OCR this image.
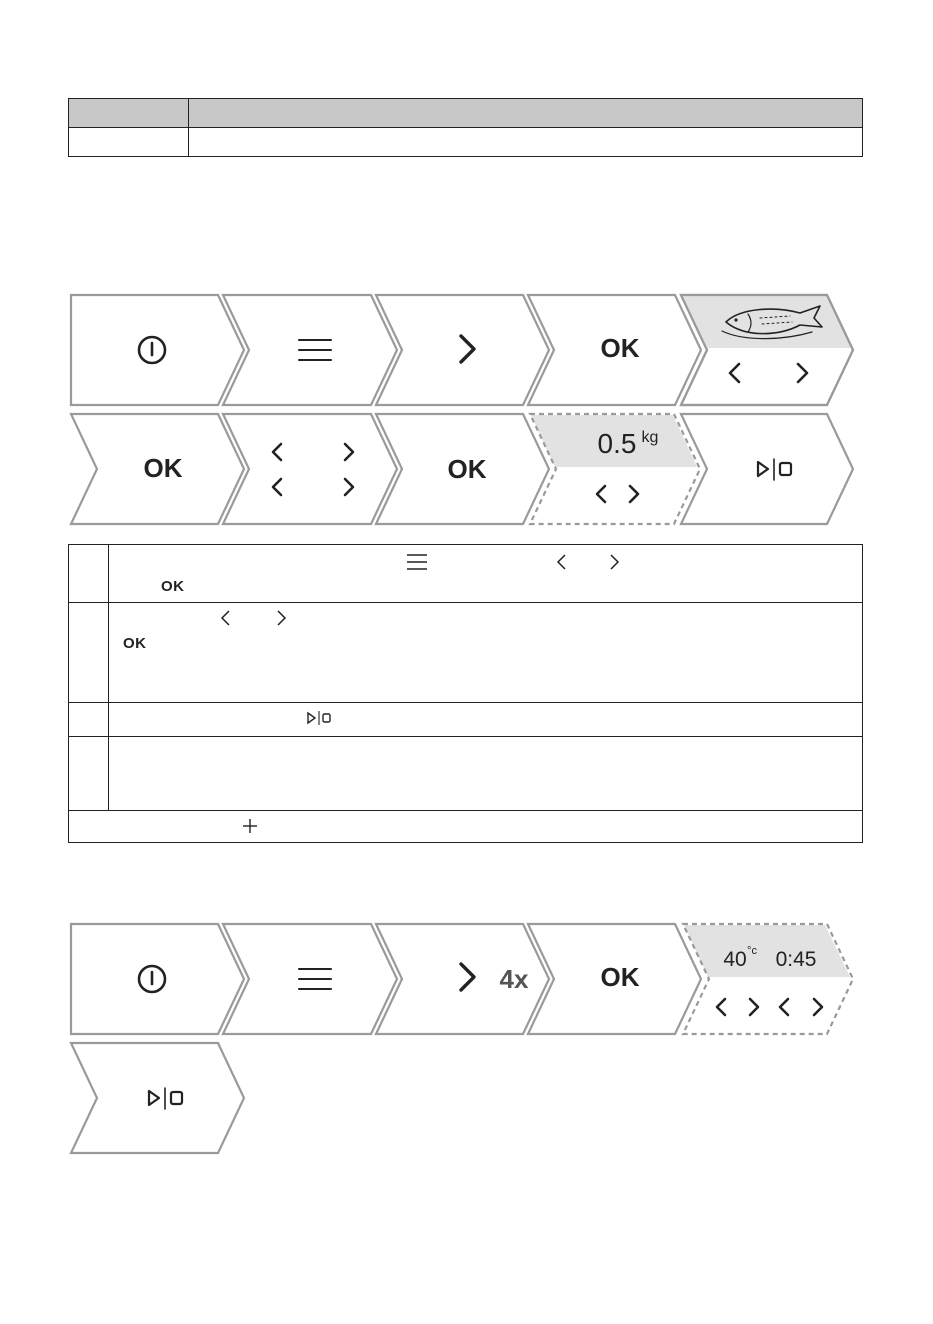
OK
OK	OK
0.5 kg
4x	OK
40 °c 0:45
OK
OK
